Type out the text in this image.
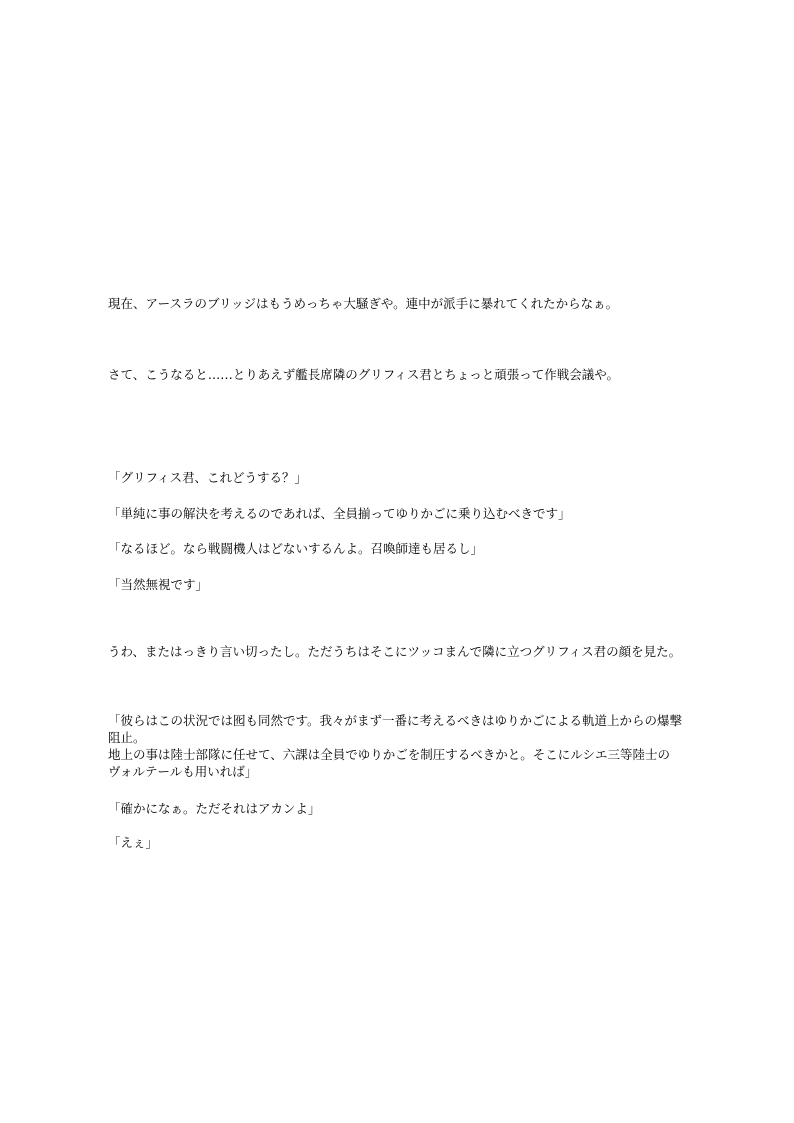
現在、アースラのブリッジはもうめっちゃ大騒ぎや。連中が派手に暴れてくれたからなぁ。
さて、こうなると……とりあえず艦長席隣のグリフィス君とちょっと頑張って作戦会議や。
「グリフィス君、これどうする？」
「単純に事の解決を考えるのであれば、全員揃ってゆりかごに乗り込むべきです」
「なるほど。なら戦闘機人はどないするんよ。召喚師達も居るし」
「当然無視です」
うわ、またはっきり言い切ったし。ただうちはそこにツッコまんで隣に立つグリフィス君の顔を見た。
「彼らはこの状況では囮も同然です。我々がまず一番に考えるべきはゆりかごによる軌道上からの爆撃
阻止。
地上の事は陸士部隊に任せて、六課は全員でゆりかごを制圧するべきかと。そこにルシエ三等陸士の
ヴォルテールも用いれば」
「確かになぁ。ただそれはアカンよ」
「えぇ」
